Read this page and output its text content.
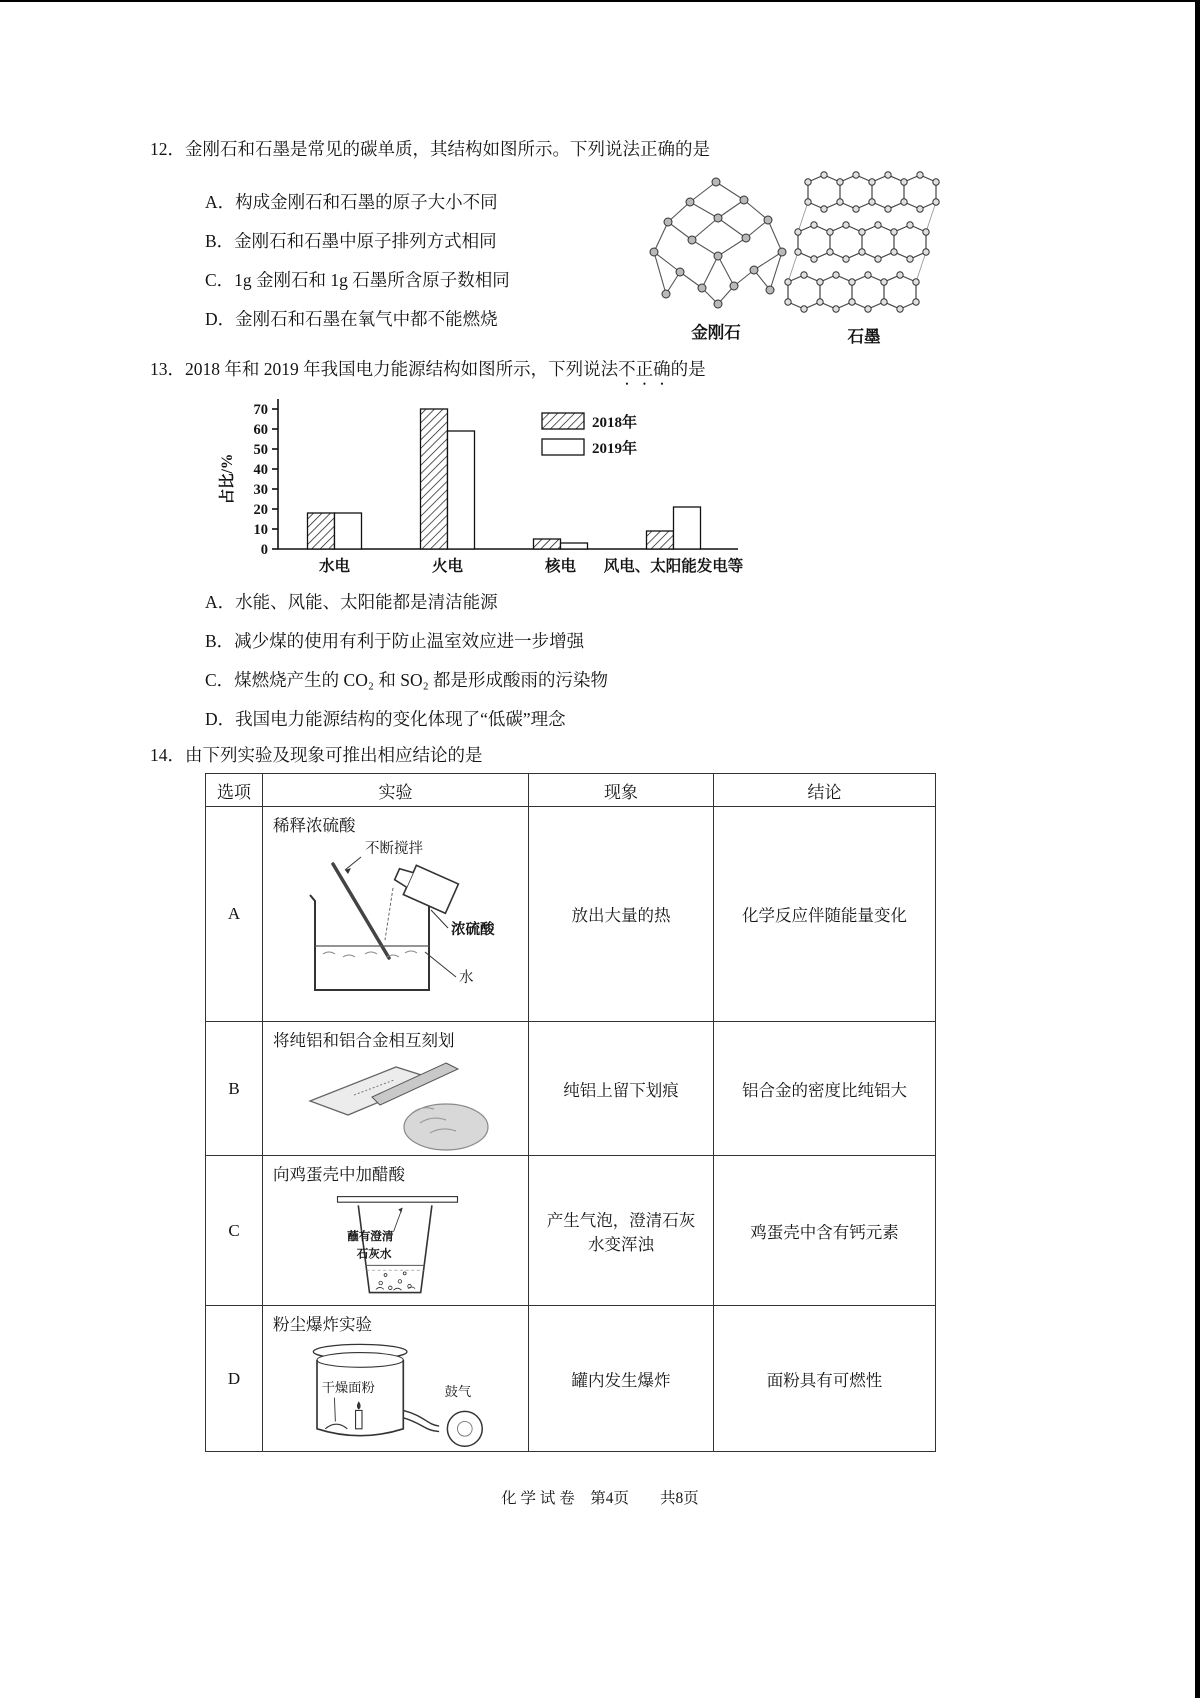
12．金刚石和石墨是常见的碳单质，其结构如图所示。下列说法正确的是
A．构成金刚石和石墨的原子大小不同
B．金刚石和石墨中原子排列方式相同
C．1g 金刚石和 1g 石墨所含原子数相同
D．金刚石和石墨在氧气中都不能燃烧
金刚石	石墨
13．2018 年和 2019 年我国电力能源结构如图所示，下列说法不正确的是
0
10
20
30
40
50
60
70
占比/%
水电	火电	核电 风电、太阳能发电等
2018年
2019年
A．水能、风能、太阳能都是清洁能源
B．减少煤的使用有利于防止温室效应进一步增强
C．煤燃烧产生的 CO₂ 和 SO₂ 都是形成酸雨的污染物
D．我国电力能源结构的变化体现了“低碳”理念
14．由下列实验及现象可推出相应结论的是
选项	实验	现象	结论
A	稀释浓硫酸
不断搅拌
浓硫酸
水	放出大量的热	化学反应伴随能量变化
B	将纯铝和铝合金相互刻划	纯铝上留下划痕	铝合金的密度比纯铝大
C	向鸡蛋壳中加醋酸
蘸有澄清
石灰水	产生气泡，澄清石灰水变浑浊	鸡蛋壳中含有钙元素
D	粉尘爆炸实验
干燥面粉 鼓气	罐内发生爆炸	面粉具有可燃性
化 学 试 卷　第4页　　共8页
